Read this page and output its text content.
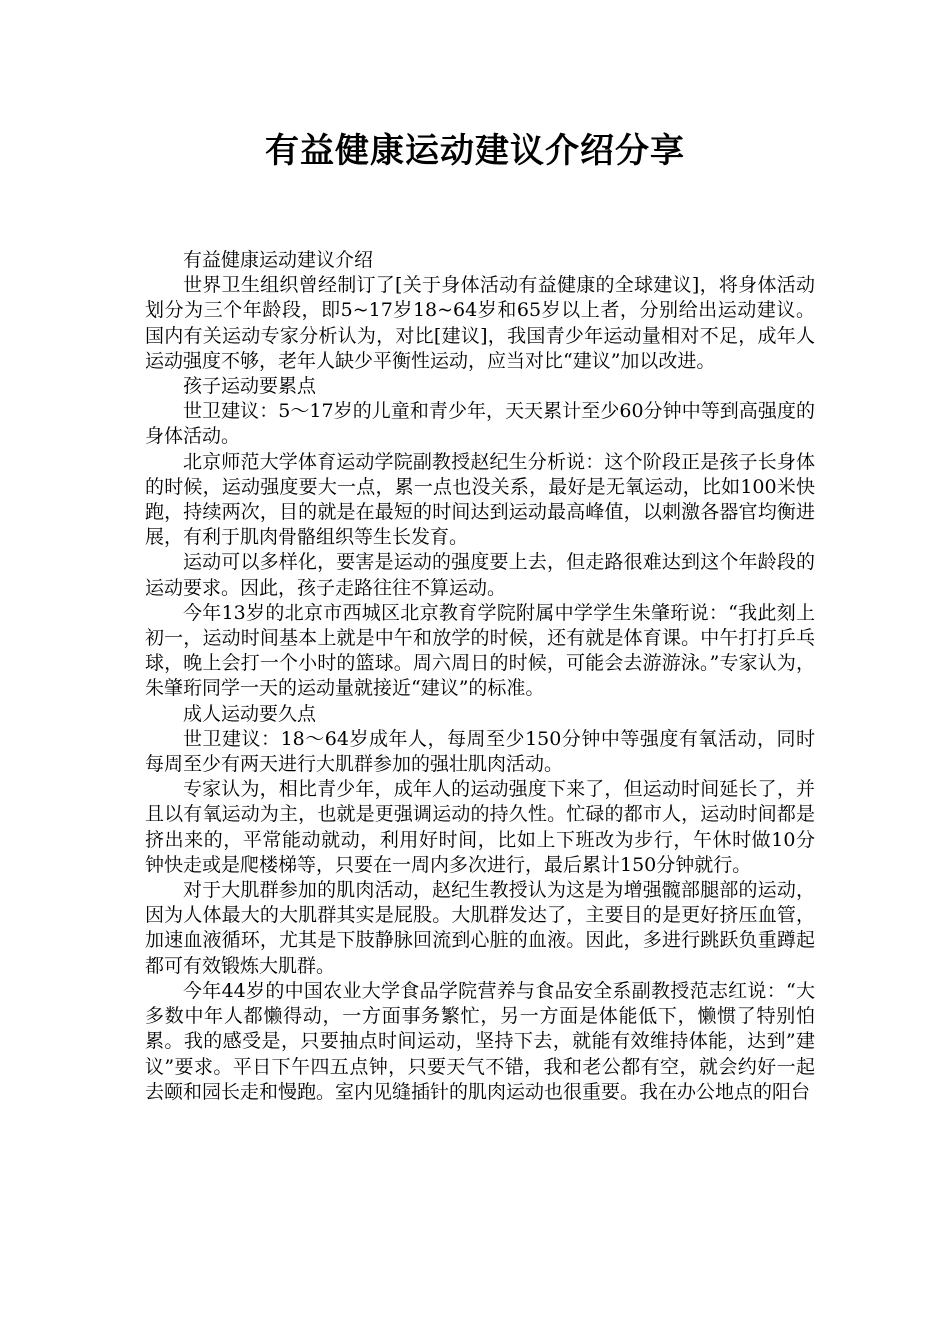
有益健康运动建议介绍分享

有益健康运动建议介绍

世界卫生组织曾经制订了[关于身体活动有益健康的全球建议]，将身体活动划分为三个年龄段，即5~17岁18~64岁和65岁以上者，分别给出运动建议。国内有关运动专家分析认为，对比[建议]，我国青少年运动量相对不足，成年人运动强度不够，老年人缺少平衡性运动，应当对比“建议”加以改进。

孩子运动要累点

世卫建议：5～17岁的儿童和青少年，天天累计至少60分钟中等到高强度的身体活动。

北京师范大学体育运动学院副教授赵纪生分析说：这个阶段正是孩子长身体的时候，运动强度要大一点，累一点也没关系，最好是无氧运动，比如100米快跑，持续两次，目的就是在最短的时间达到运动最高峰值，以刺激各器官均衡进展，有利于肌肉骨骼组织等生长发育。

运动可以多样化，要害是运动的强度要上去，但走路很难达到这个年龄段的运动要求。因此，孩子走路往往不算运动。

今年13岁的北京市西城区北京教育学院附属中学学生朱肇珩说：“我此刻上初一，运动时间基本上就是中午和放学的时候，还有就是体育课。中午打打乒乓球，晚上会打一个小时的篮球。周六周日的时候，可能会去游游泳。”专家认为，朱肇珩同学一天的运动量就接近“建议”的标准。

成人运动要久点

世卫建议：18～64岁成年人，每周至少150分钟中等强度有氧活动，同时每周至少有两天进行大肌群参加的强壮肌肉活动。

专家认为，相比青少年，成年人的运动强度下来了，但运动时间延长了，并且以有氧运动为主，也就是更强调运动的持久性。忙碌的都市人，运动时间都是挤出来的，平常能动就动，利用好时间，比如上下班改为步行，午休时做10分钟快走或是爬楼梯等，只要在一周内多次进行，最后累计150分钟就行。

对于大肌群参加的肌肉活动，赵纪生教授认为这是为增强髋部腿部的运动，因为人体最大的大肌群其实是屁股。大肌群发达了，主要目的是更好挤压血管，加速血液循环，尤其是下肢静脉回流到心脏的血液。因此，多进行跳跃负重蹲起都可有效锻炼大肌群。

今年44岁的中国农业大学食品学院营养与食品安全系副教授范志红说：“大多数中年人都懒得动，一方面事务繁忙，另一方面是体能低下，懒惯了特别怕累。我的感受是，只要抽点时间运动，坚持下去，就能有效维持体能，达到”建议”要求。平日下午四五点钟，只要天气不错，我和老公都有空，就会约好一起去颐和园长走和慢跑。室内见缝插针的肌肉运动也很重要。我在办公地点的阳台
